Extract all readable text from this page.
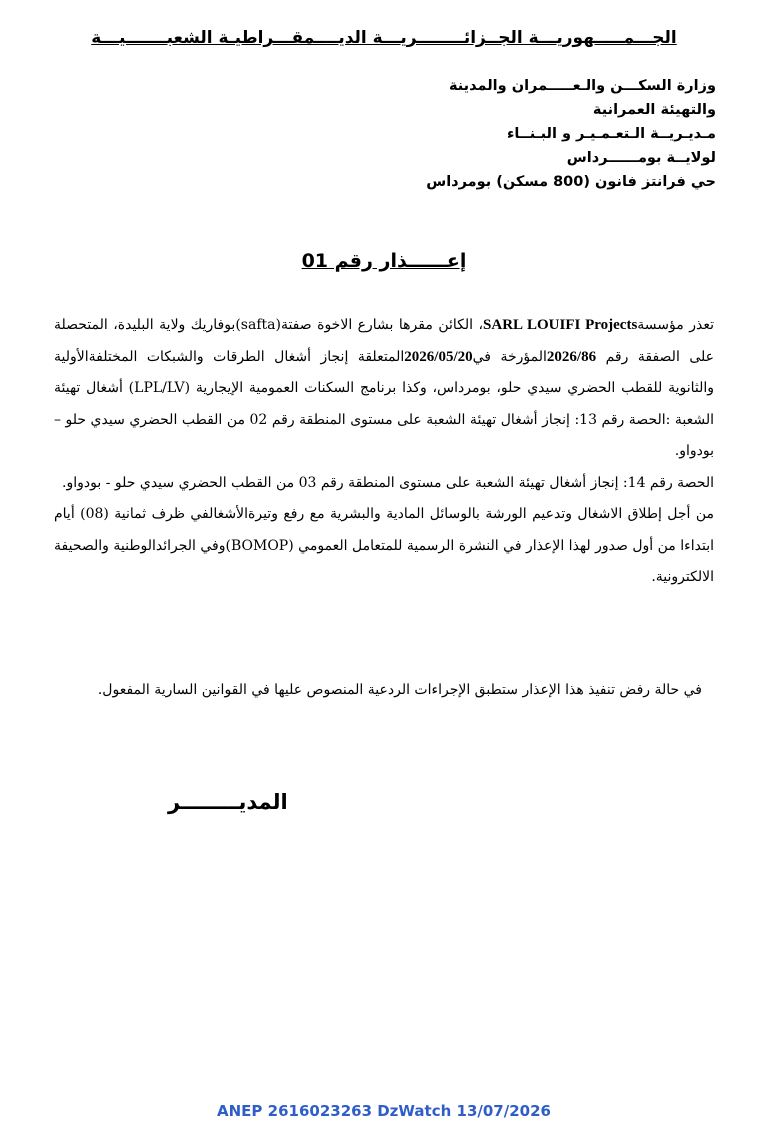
الجـــمـــــهوريـــة الجــزائــــــــريـــة الديــــمقـــراطيـة الشعبـــــــيـــة
وزارة السكـــن والـعـــــمران والمدينة
والتهيئة العمرانية
مـديـريــة الـتعـمـيـر و البـنــاء
لولايــة بومــــــرداس
حي فرانتز فانون (800 مسكن) بومرداس
إعــــــذار رقم 01

تعذر مؤسسةSARL LOUIFI Projects، الكائن مقرها بشارع الاخوة صفتة(safta)بوفاريك ولاية البليدة، المتحصلة على الصفقة رقم 2026/86المؤرخة في2026/05/20المتعلقة إنجاز أشغال الطرقات والشبكات المختلفةالأولية والثانوية للقطب الحضري سيدي حلو، بومرداس، وكذا برنامج السكنات العمومية الإيجارية (LPL/LV) أشغال تهيئة الشعبة :الحصة رقم 13: إنجاز أشغال تهيئة الشعبة على مستوى المنطقة رقم 02 من القطب الحضري سيدي حلو – بودواو.

الحصة رقم 14: إنجاز أشغال تهيئة الشعبة على مستوى المنطقة رقم 03 من القطب الحضري سيدي حلو - بودواو.

من أجل إطلاق الاشغال وتدعيم الورشة بالوسائل المادية والبشرية مع رفع وتيرةالأشغالفي ظرف ثمانية (08) أيام ابتداءا من أول صدور لهذا الإعذار في النشرة الرسمية للمتعامل العمومي (BOMOP)وفي الجرائدالوطنية والصحيفة الالكترونية.

في حالة رفض تنفيذ هذا الإعذار ستطبق الإجراءات الردعية المنصوص عليها في القوانين السارية المفعول.
المديــــــــر
ANEP 2616023263 DzWatch 13/07/2026
